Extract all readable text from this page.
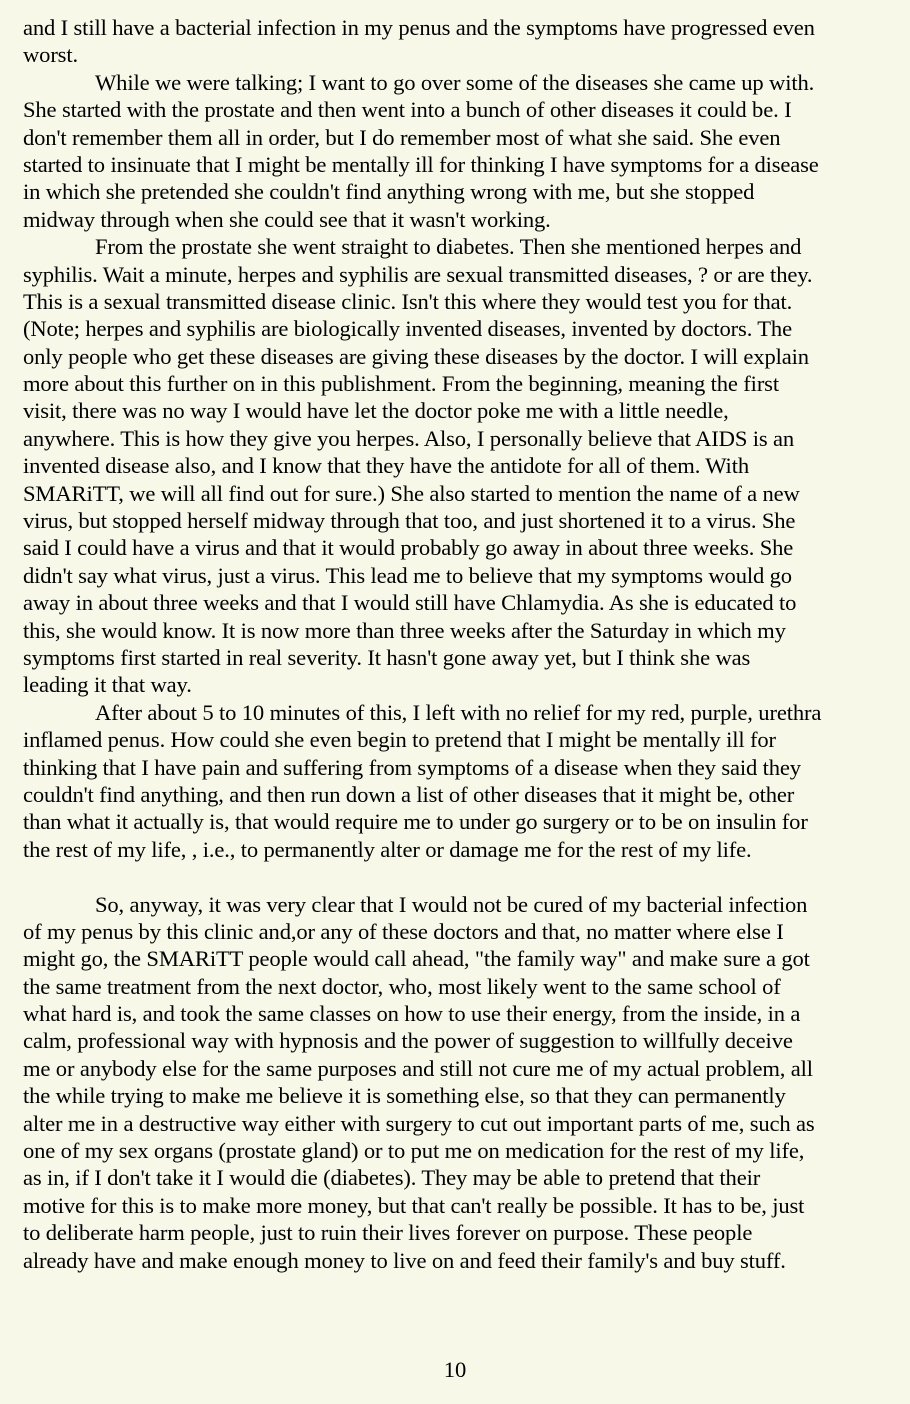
and I still have a bacterial infection in my penus and the symptoms have progressed even
worst.
While we were talking; I want to go over some of the diseases she came up with.
She started with the prostate and then went into a bunch of other diseases it could be. I
don't remember them all in order, but I do remember most of what she said. She even
started to insinuate that I might be mentally ill for thinking I have symptoms for a disease
in which she pretended she couldn't find anything wrong with me, but she stopped
midway through when she could see that it wasn't working.
From the prostate she went straight to diabetes. Then she mentioned herpes and
syphilis. Wait a minute, herpes and syphilis are sexual transmitted diseases, ? or are they.
This is a sexual transmitted disease clinic. Isn't this where they would test you for that.
(Note; herpes and syphilis are biologically invented diseases, invented by doctors. The
only people who get these diseases are giving these diseases by the doctor. I will explain
more about this further on in this publishment. From the beginning, meaning the first
visit, there was no way I would have let the doctor poke me with a little needle,
anywhere. This is how they give you herpes. Also, I personally believe that AIDS is an
invented disease also, and I know that they have the antidote for all of them. With
SMARiTT, we will all find out for sure.) She also started to mention the name of a new
virus, but stopped herself midway through that too, and just shortened it to a virus. She
said I could have a virus and that it would probably go away in about three weeks. She
didn't say what virus, just a virus. This lead me to believe that my symptoms would go
away in about three weeks and that I would still have Chlamydia. As she is educated to
this, she would know. It is now more than three weeks after the Saturday in which my
symptoms first started in real severity. It hasn't gone away yet, but I think she was
leading it that way.
After about 5 to 10 minutes of this, I left with no relief for my red, purple, urethra
inflamed penus. How could she even begin to pretend that I might be mentally ill for
thinking that I have pain and suffering from symptoms of a disease when they said they
couldn't find anything, and then run down a list of other diseases that it might be, other
than what it actually is, that would require me to under go surgery or to be on insulin for
the rest of my life, , i.e., to permanently alter or damage me for the rest of my life.
So, anyway, it was very clear that I would not be cured of my bacterial infection
of my penus by this clinic and,or any of these doctors and that, no matter where else I
might go, the SMARiTT people would call ahead, "the family way" and make sure a got
the same treatment from the next doctor, who, most likely went to the same school of
what hard is, and took the same classes on how to use their energy, from the inside, in a
calm, professional way with hypnosis and the power of suggestion to willfully deceive
me or anybody else for the same purposes and still not cure me of my actual problem, all
the while trying to make me believe it is something else, so that they can permanently
alter me in a destructive way either with surgery to cut out important parts of me, such as
one of my sex organs (prostate gland) or to put me on medication for the rest of my life,
as in, if I don't take it I would die (diabetes). They may be able to pretend that their
motive for this is to make more money, but that can't really be possible. It has to be, just
to deliberate harm people, just to ruin their lives forever on purpose. These people
already have and make enough money to live on and feed their family's and buy stuff.
10
